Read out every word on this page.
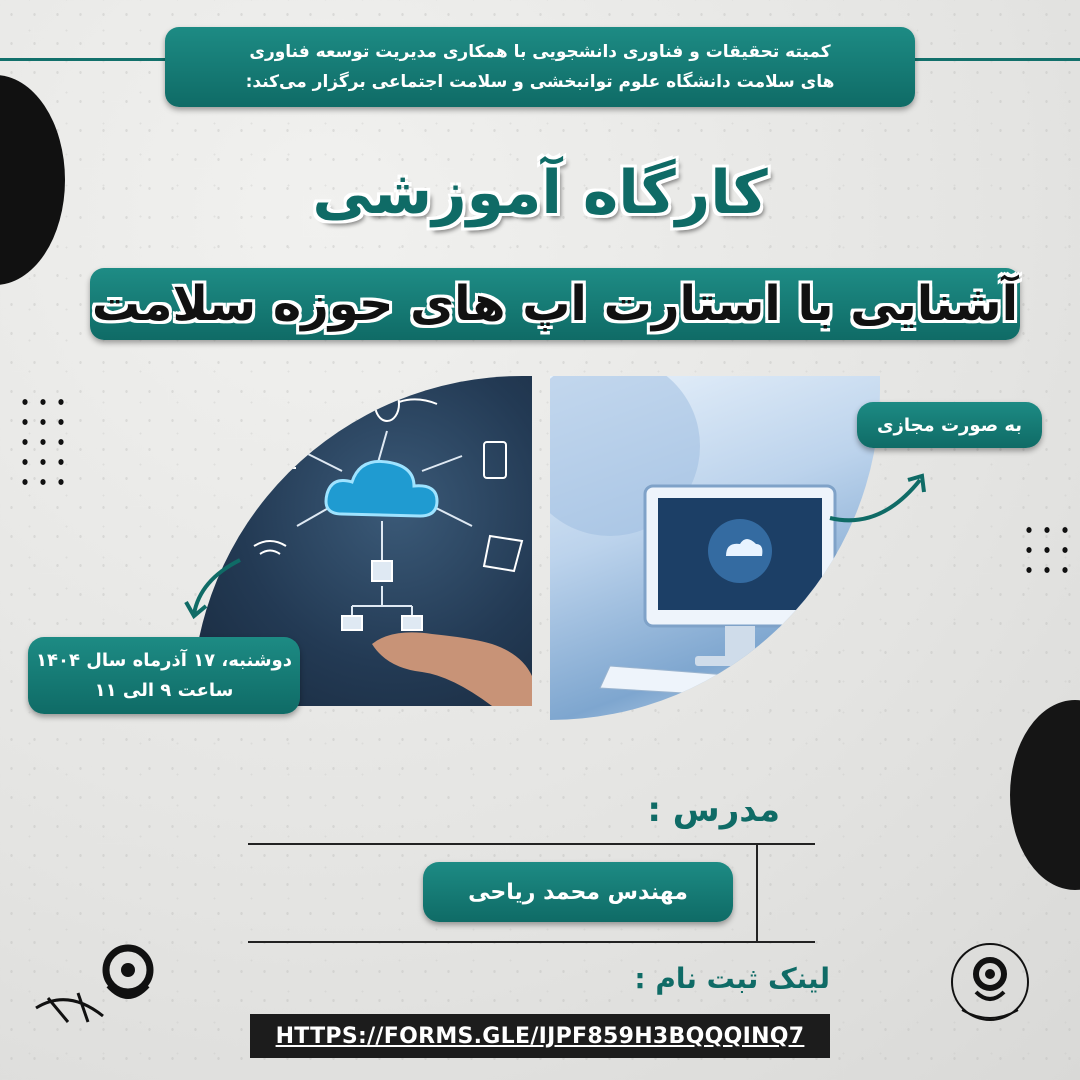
کمیته تحقیقات و فناوری دانشجویی با همکاری مدیریت توسعه فناوری
های سلامت دانشگاه علوم توانبخشی و سلامت اجتماعی برگزار می‌کند:
کارگاه آموزشی
آشنایی با استارت اپ های حوزه سلامت
به صورت مجازی
دوشنبه، ۱۷ آذرماه سال ۱۴۰۴
ساعت ۹ الی ۱۱
مدرس :
مهندس محمد ریاحی
لینک ثبت نام :
HTTPS://FORMS.GLE/IJPF859H3BQQQINQ7
